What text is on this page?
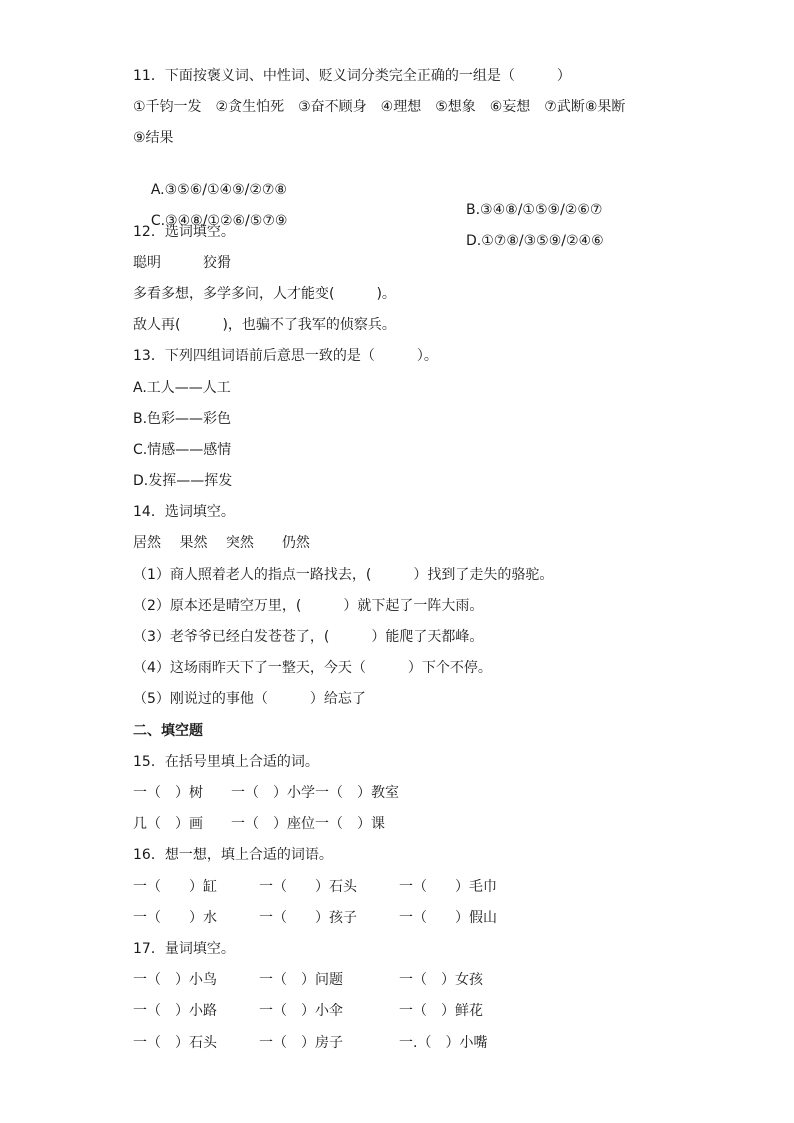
11．下面按褒义词、中性词、贬义词分类完全正确的一组是（　　　）
①千钧一发　②贪生怕死　③奋不顾身　④理想　⑤想象　⑥妄想　⑦武断⑧果断
⑨结果

A.③⑤⑥/①④⑨/②⑦⑧

B.③④⑧/①⑤⑨/②⑥⑦

C.③④⑧/①②⑥/⑤⑦⑨

D.①⑦⑧/③⑤⑨/②④⑥

12．选词填空。
聪明　　　狡猾
多看多想，多学多问，人才能变(　　　)。
敌人再(　　　)，也骗不了我军的侦察兵。
13．下列四组词语前后意思一致的是（　　　）。
A.工人——人工
B.色彩——彩色
C.情感——感情
D.发挥——挥发
14．选词填空。
居然　 果然　 突然　　仍然
（1）商人照着老人的指点一路找去，(　　　）找到了走失的骆驼。
（2）原本还是晴空万里，(　　　）就下起了一阵大雨。
（3）老爷爷已经白发苍苍了，(　　　）能爬了天都峰。
（4）这场雨昨天下了一整天，今天（　　　）下个不停。
（5）刚说过的事他（　　　）给忘了
二、填空题
15．在括号里填上合适的词。
一（　）树　　一（　）小学一（　）教室
几（　）画　　一（　）座位一（　）课
16．想一想，填上合适的词语。
一（　　）缸　　　一（　　）石头　　　一（　　）毛巾
一（　　）水　　　一（　　）孩子　　　一（　　）假山
17．量词填空。
一（　）小鸟　　　一（　）问题　　　　一（　）女孩
一（　）小路　　　一（　）小伞　　　　一（　）鲜花
一（　）石头　　　一（　）房子　　　　一.（　）小嘴
